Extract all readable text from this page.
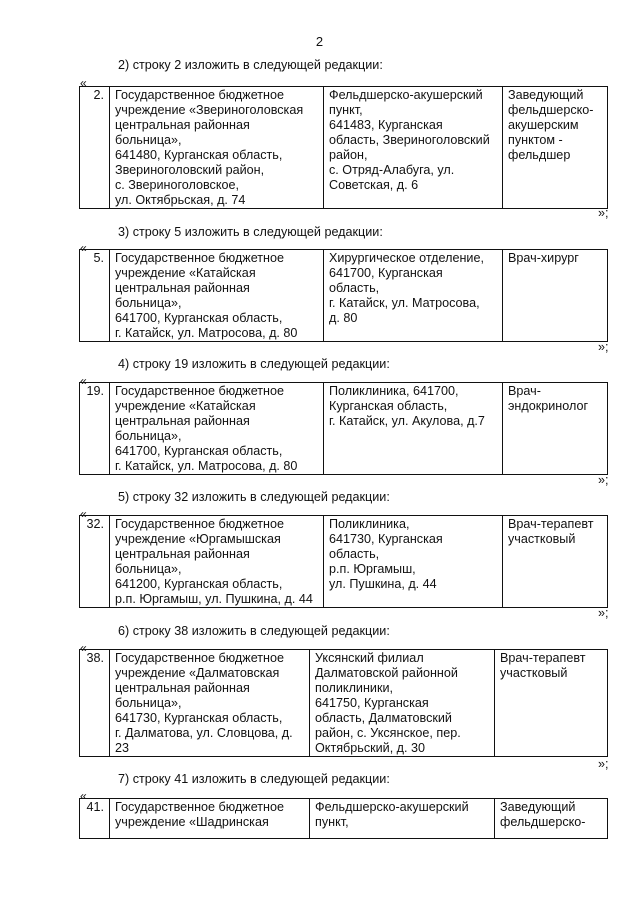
2
2) строку 2 изложить в следующей редакции:
«
2.	Государственное бюджетное
учреждение «Звериноголовская
центральная районная
больница»,
641480, Курганская область,
Звериноголовский район,
с. Звериноголовское,
ул. Октябрьская, д. 74

Фельдшерско-акушерский
пункт,
641483, Курганская
область, Звериноголовский
район,
с. Отряд-Алабуга, ул.
Советская, д. 6

Заведующий
фельдшерско-
акушерским
пунктом -
фельдшер
»;
3) строку 5 изложить в следующей редакции:
«
5.	Государственное бюджетное
учреждение «Катайская
центральная районная
больница»,
641700, Курганская область,
г. Катайск, ул. Матросова, д. 80

Хирургическое отделение,
641700, Курганская
область,
г. Катайск, ул. Матросова,
д. 80

Врач-хирург
»;
4) строку 19 изложить в следующей редакции:
«
19.	Государственное бюджетное
учреждение «Катайская
центральная районная
больница»,
641700, Курганская область,
г. Катайск, ул. Матросова, д. 80

Поликлиника, 641700,
Курганская область,
г. Катайск, ул. Акулова, д.7

Врач-
эндокринолог
»;
5) строку 32 изложить в следующей редакции:
«
32.	Государственное бюджетное
учреждение «Юргамышская
центральная районная
больница»,
641200, Курганская область,
р.п. Юргамыш, ул. Пушкина, д. 44

Поликлиника,
641730, Курганская
область,
р.п. Юргамыш,
ул. Пушкина, д. 44

Врач-терапевт
участковый
»;
6) строку 38 изложить в следующей редакции:
«
38.	Государственное бюджетное
учреждение «Далматовская
центральная районная
больница»,
641730, Курганская область,
г. Далматова, ул. Словцова, д.
23

Уксянский филиал
Далматовской районной
поликлиники,
641750, Курганская
область, Далматовский
район, с. Уксянское, пер.
Октябрьский, д. 30

Врач-терапевт
участковый
»;
7) строку 41 изложить в следующей редакции:
«
41.	Государственное бюджетное
учреждение «Шадринская

Фельдшерско-акушерский
пункт,

Заведующий
фельдшерско-
